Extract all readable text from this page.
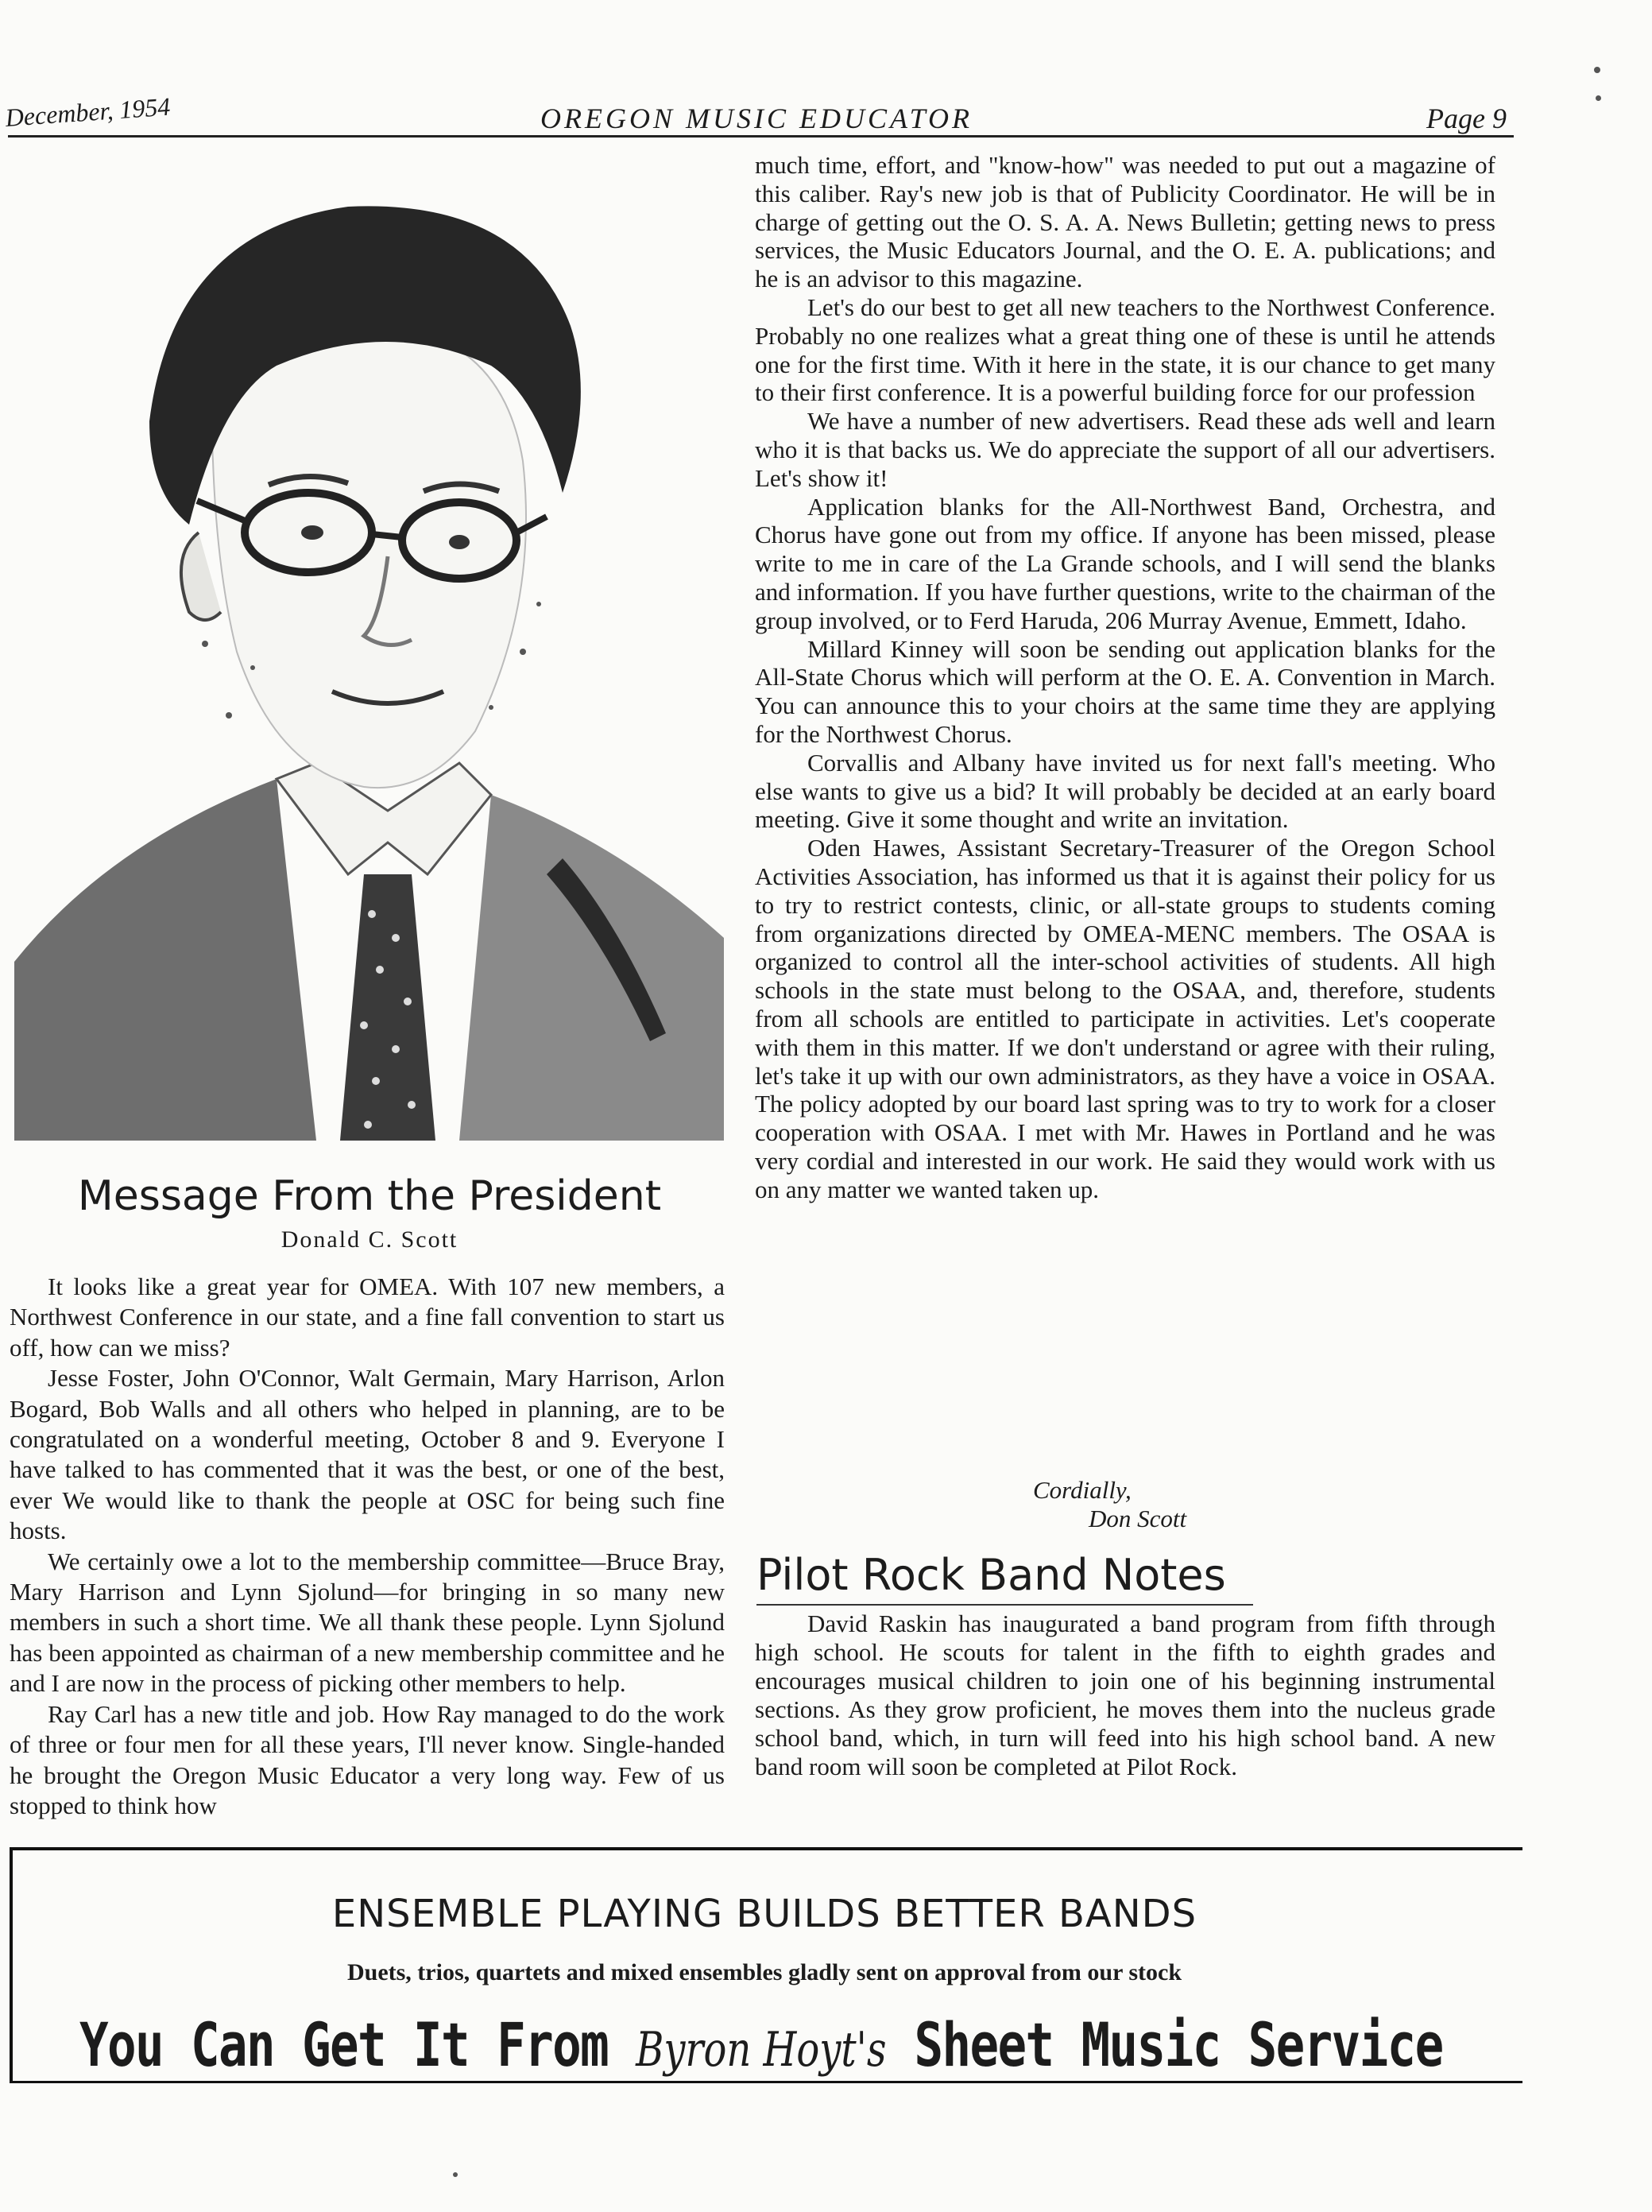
December, 1954	OREGON MUSIC EDUCATOR	Page 9
Message From the President
Donald C. Scott

It looks like a great year for OMEA. With 107 new members, a Northwest Conference in our state, and a fine fall convention to start us off, how can we miss?

Jesse Foster, John O'Connor, Walt Germain, Mary Harrison, Arlon Bogard, Bob Walls and all others who helped in planning, are to be congratulated on a wonderful meeting, October 8 and 9. Everyone I have talked to has commented that it was the best, or one of the best, ever We would like to thank the people at OSC for being such fine hosts.

We certainly owe a lot to the membership committee—Bruce Bray, Mary Harrison and Lynn Sjolund—for bringing in so many new members in such a short time. We all thank these people. Lynn Sjolund has been appointed as chairman of a new membership committee and he and I are now in the process of picking other members to help.

Ray Carl has a new title and job. How Ray managed to do the work of three or four men for all these years, I'll never know. Single-handed he brought the Oregon Music Educator a very long way. Few of us stopped to think how

much time, effort, and "know-how" was needed to put out a magazine of this caliber. Ray's new job is that of Publicity Coordinator. He will be in charge of getting out the O. S. A. A. News Bulletin; getting news to press services, the Music Educators Journal, and the O. E. A. publications; and he is an advisor to this magazine.

Let's do our best to get all new teachers to the Northwest Conference. Probably no one realizes what a great thing one of these is until he attends one for the first time. With it here in the state, it is our chance to get many to their first conference. It is a powerful building force for our profession

We have a number of new advertisers. Read these ads well and learn who it is that backs us. We do appreciate the support of all our advertisers. Let's show it!

Application blanks for the All-Northwest Band, Orchestra, and Chorus have gone out from my office. If anyone has been missed, please write to me in care of the La Grande schools, and I will send the blanks and information. If you have further questions, write to the chairman of the group involved, or to Ferd Haruda, 206 Murray Avenue, Emmett, Idaho.

Millard Kinney will soon be sending out application blanks for the All-State Chorus which will perform at the O. E. A. Convention in March. You can announce this to your choirs at the same time they are applying for the Northwest Chorus.

Corvallis and Albany have invited us for next fall's meeting. Who else wants to give us a bid? It will probably be decided at an early board meeting. Give it some thought and write an invitation.

Oden Hawes, Assistant Secretary-Treasurer of the Oregon School Activities Association, has informed us that it is against their policy for us to try to restrict contests, clinic, or all-state groups to students coming from organizations directed by OMEA-MENC members. The OSAA is organized to control all the inter-school activities of students. All high schools in the state must belong to the OSAA, and, therefore, students from all schools are entitled to participate in activities. Let's cooperate with them in this matter. If we don't understand or agree with their ruling, let's take it up with our own administrators, as they have a voice in OSAA. The policy adopted by our board last spring was to try to work for a closer cooperation with OSAA. I met with Mr. Hawes in Portland and he was very cordial and interested in our work. He said they would work with us on any matter we wanted taken up.

Cordially,
Don Scott
Pilot Rock Band Notes

David Raskin has inaugurated a band program from fifth through high school. He scouts for talent in the fifth to eighth grades and encourages musical children to join one of his beginning instrumental sections. As they grow proficient, he moves them into the nucleus grade school band, which, in turn will feed into his high school band. A new band room will soon be completed at Pilot Rock.

ENSEMBLE PLAYING BUILDS BETTER BANDS
Duets, trios, quartets and mixed ensembles gladly sent on approval from our stock
You Can Get It From Byron Hoyt's Sheet Music Service
